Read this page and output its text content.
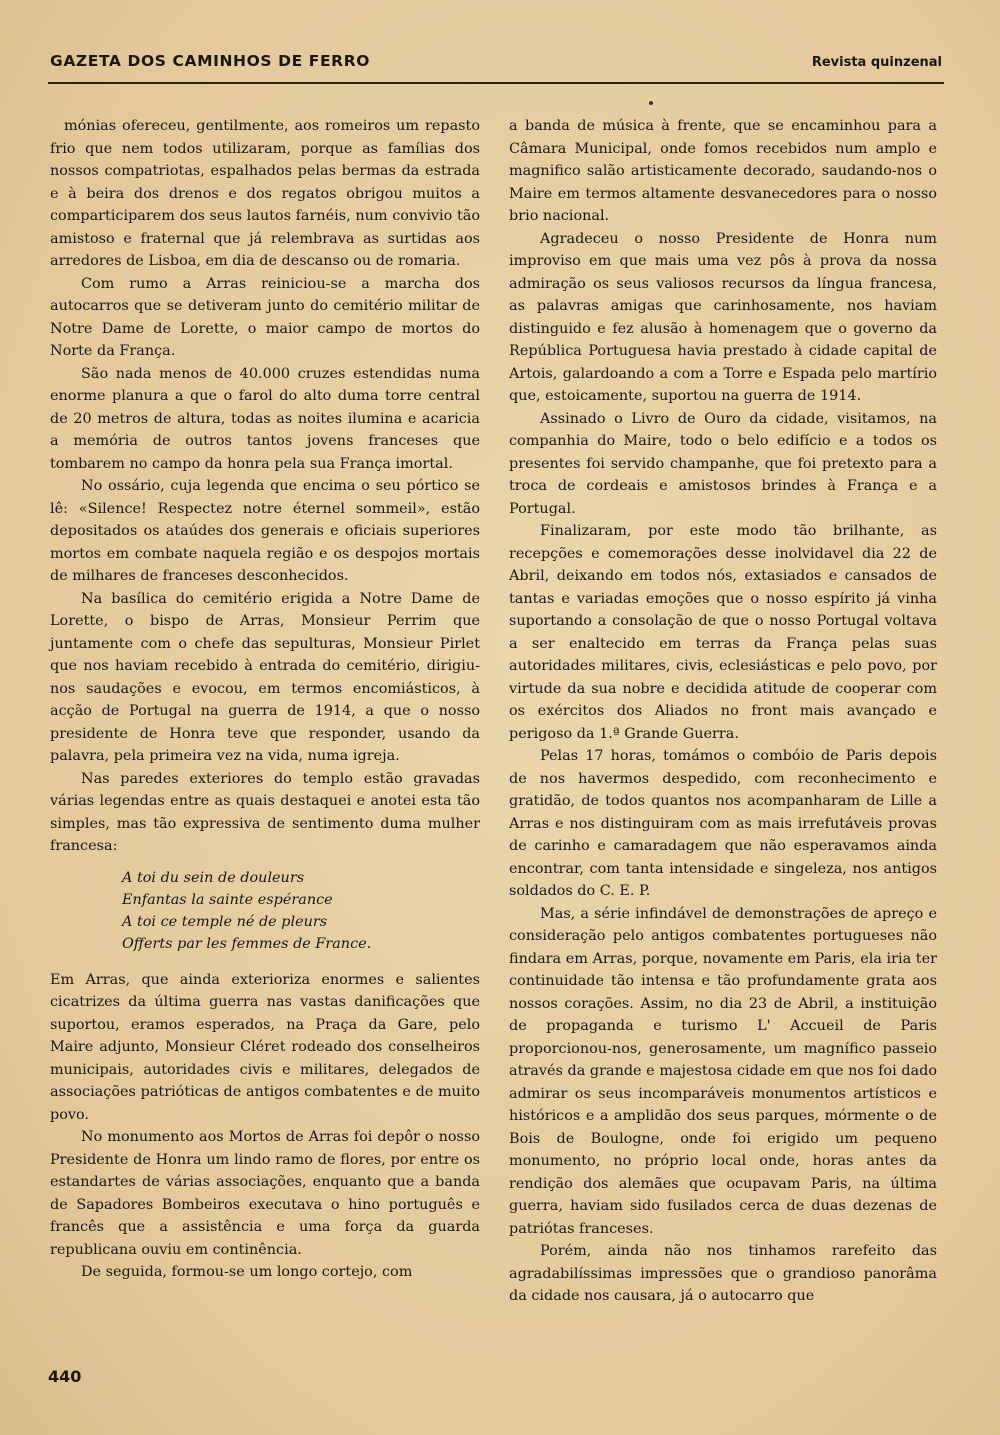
GAZETA DOS CAMINHOS DE FERRO	Revista quinzenal

mónias ofereceu, gentilmente, aos romeiros um repasto frio que nem todos utilizaram, porque as famílias dos nossos compatriotas, espalhados pelas bermas da estrada e à beira dos drenos e dos regatos obrigou muitos a comparticiparem dos seus lautos farnéis, num convivio tão amistoso e fraternal que já relembrava as surtidas aos arredores de Lisboa, em dia de descanso ou de romaria.

Com rumo a Arras reiniciou-se a marcha dos autocarros que se detiveram junto do cemitério militar de Notre Dame de Lorette, o maior campo de mortos do Norte da França.

São nada menos de 40.000 cruzes estendidas numa enorme planura a que o farol do alto duma torre central de 20 metros de altura, todas as noites ilumina e acaricia a memória de outros tantos jovens franceses que tombarem no campo da honra pela sua França imortal.

No ossário, cuja legenda que encima o seu pórtico se lê: «Silence! Respectez notre éternel sommeil», estão depositados os ataúdes dos generais e oficiais superiores mortos em combate naquela região e os despojos mortais de milhares de franceses desconhecidos.

Na basílica do cemitério erigida a Notre Dame de Lorette, o bispo de Arras, Monsieur Perrim que juntamente com o chefe das sepulturas, Monsieur Pirlet que nos haviam recebido à entrada do cemitério, dirigiu-nos saudações e evocou, em termos encomiásticos, à acção de Portugal na guerra de 1914, a que o nosso presidente de Honra teve que responder, usando da palavra, pela primeira vez na vida, numa igreja.

Nas paredes exteriores do templo estão gravadas várias legendas entre as quais destaquei e anotei esta tão simples, mas tão expressiva de sentimento duma mulher francesa:

A toi du sein de douleurs
Enfantas la sainte espérance
A toi ce temple né de pleurs
Offerts par les femmes de France.

Em Arras, que ainda exterioriza enormes e salientes cicatrizes da última guerra nas vastas danificações que suportou, eramos esperados, na Praça da Gare, pelo Maire adjunto, Monsieur Cléret rodeado dos conselheiros municipais, autoridades civis e militares, delegados de associações patrióticas de antigos combatentes e de muito povo.

No monumento aos Mortos de Arras foi depôr o nosso Presidente de Honra um lindo ramo de flores, por entre os estandartes de várias associações, enquanto que a banda de Sapadores Bombeiros executava o hino português e francês que a assistência e uma força da guarda republicana ouviu em continência.

De seguida, formou-se um longo cortejo, com

a banda de música à frente, que se encaminhou para a Câmara Municipal, onde fomos recebidos num amplo e magnifico salão artisticamente decorado, saudando-nos o Maire em termos altamente desvanecedores para o nosso brio nacional.

Agradeceu o nosso Presidente de Honra num improviso em que mais uma vez pôs à prova da nossa admiração os seus valiosos recursos da língua francesa, as palavras amigas que carinhosamente, nos haviam distinguido e fez alusão à homenagem que o governo da República Portuguesa havia prestado à cidade capital de Artois, galardoando a com a Torre e Espada pelo martírio que, estoicamente, suportou na guerra de 1914.

Assinado o Livro de Ouro da cidade, visitamos, na companhia do Maire, todo o belo edifício e a todos os presentes foi servido champanhe, que foi pretexto para a troca de cordeais e amistosos brindes à França e a Portugal.

Finalizaram, por este modo tão brilhante, as recepções e comemorações desse inolvidavel dia 22 de Abril, deixando em todos nós, extasiados e cansados de tantas e variadas emoções que o nosso espírito já vinha suportando a consolação de que o nosso Portugal voltava a ser enaltecido em terras da França pelas suas autoridades militares, civis, eclesiásticas e pelo povo, por virtude da sua nobre e decidida atitude de cooperar com os exércitos dos Aliados no front mais avançado e perigoso da 1.ª Grande Guerra.

Pelas 17 horas, tomámos o combóio de Paris depois de nos havermos despedido, com reconhecimento e gratidão, de todos quantos nos acompanharam de Lille a Arras e nos distinguiram com as mais irrefutáveis provas de carinho e camaradagem que não esperavamos ainda encontrar, com tanta intensidade e singeleza, nos antigos soldados do C. E. P.

Mas, a série infindável de demonstrações de apreço e consideração pelo antigos combatentes portugueses não findara em Arras, porque, novamente em Paris, ela iria ter continuidade tão intensa e tão profundamente grata aos nossos corações. Assim, no dia 23 de Abril, a instituição de propaganda e turismo L' Accueil de Paris proporcionou-nos, generosamente, um magnífico passeio através da grande e majestosa cidade em que nos foi dado admirar os seus incomparáveis monumentos artísticos e históricos e a amplidão dos seus parques, mórmente o de Bois de Boulogne, onde foi erigido um pequeno monumento, no próprio local onde, horas antes da rendição dos alemães que ocupavam Paris, na última guerra, haviam sido fusilados cerca de duas dezenas de patriótas franceses.

Porém, ainda não nos tinhamos rarefeito das agradabilíssimas impressões que o grandioso panorâma da cidade nos causara, já o autocarro que

440
